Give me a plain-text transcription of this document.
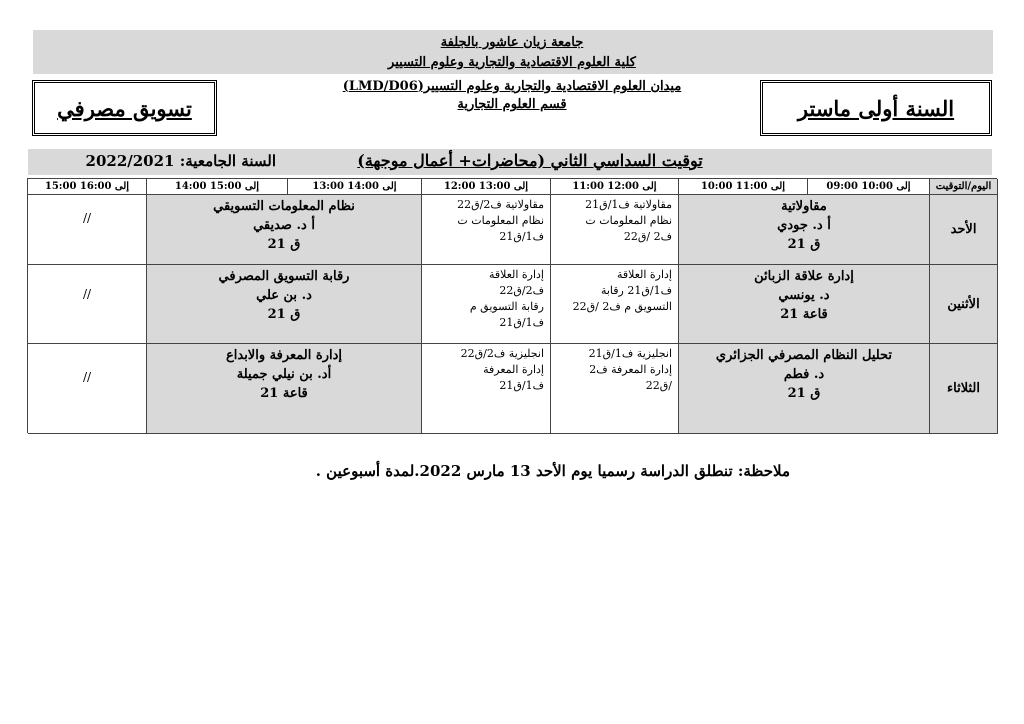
جامعة زيان عاشور بالجلفة
كلية العلوم الاقتصادية والتجارية وعلوم التسيير
ميدان العلوم الاقتصادية والتجارية وعلوم التسيير(LMD/D06)
قسم العلوم التجارية	السنة أولى ماستر
تسويق مصرفي
توقيت السداسي الثاني (محاضرات+ أعمال موجهة)
السنة الجامعية: 2022/2021
اليوم/التوقيت
09:00 إلى 10:00
10:00 إلى 11:00
11:00 إلى 12:00
12:00 إلى 13:00
13:00 إلى 14:00
14:00 إلى 15:00
15:00 إلى 16:00
الأحد
مقاولاتية
أ د. جودي
ق 21
مقاولاتية ف1/ق21
نظام المعلومات ت
ف2 /ق22
مقاولاتية ف2/ق22
نظام المعلومات ت
ف1/ق21
نظام المعلومات التسويقي
أ د. صديقي
ق 21
//
الأثنين
إدارة علاقة الزبائن
د. يونسي
قاعة 21
إدارة العلاقة
ف1/ق21 رقابة
التسويق م ف2 /ق22
إدارة العلاقة
ف2/ق22
رقابة التسويق م
ف1/ق21
رقابة التسويق المصرفي
د. بن علي
ق 21
//
الثلاثاء
تحليل النظام المصرفي الجزائري
د. فطم
ق 21
انجليزية ف1/ق21
إدارة المعرفة ف2
/ق22
انجليزية ف2/ق22
إدارة المعرفة
ف1/ق21
إدارة المعرفة والابداع
أد. بن نيلي جميلة
قاعة 21
//
ملاحظة: تنطلق الدراسة رسميا يوم الأحد 13 مارس 2022.لمدة أسبوعين .
